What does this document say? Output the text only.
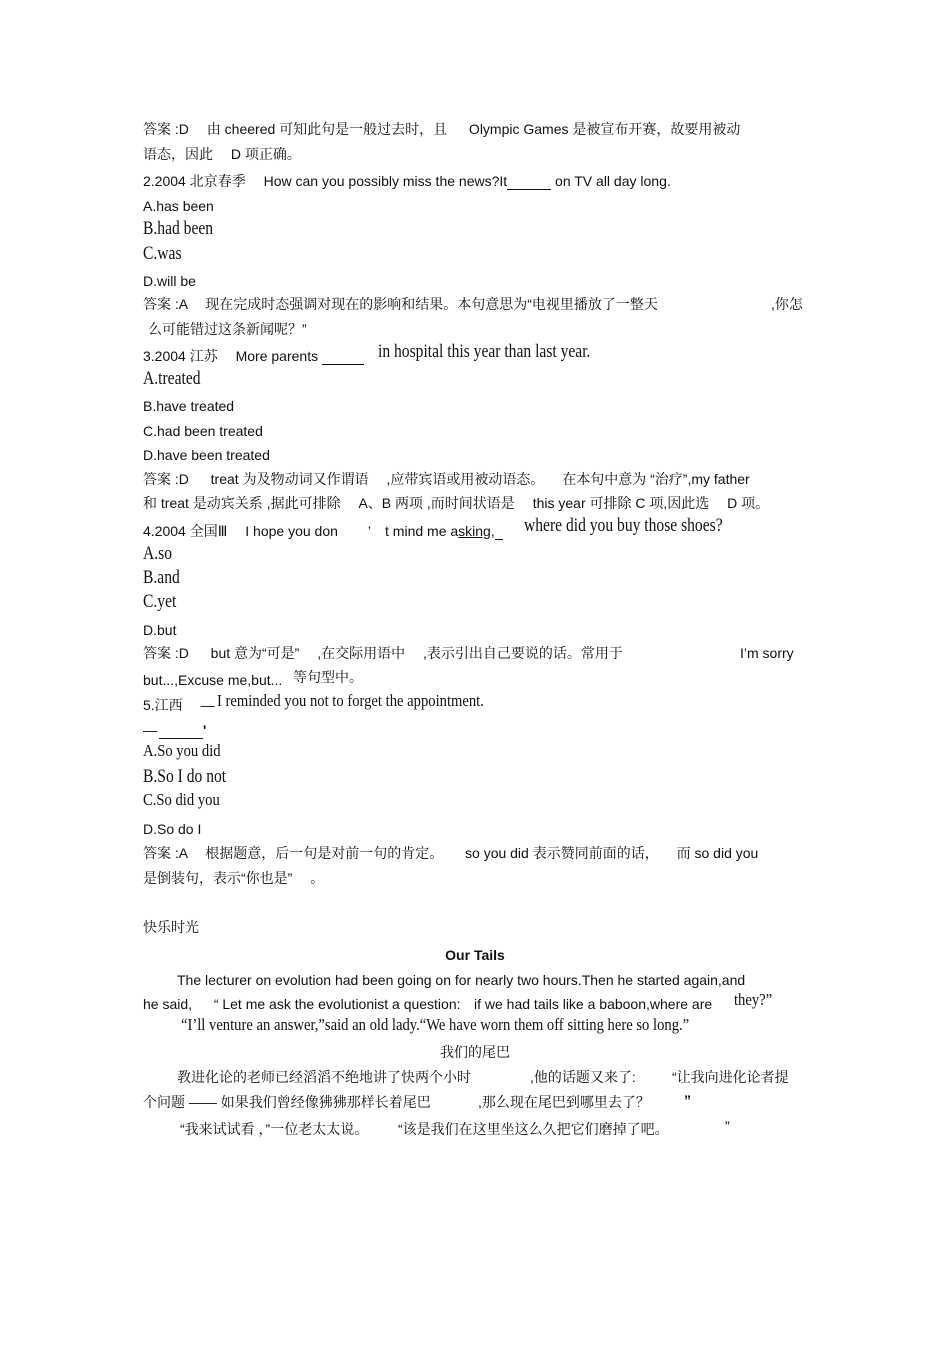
答案 :D 　由 cheered 可知此句是一般过去时，且 　 Olympic Games 是被宣布开赛，故要用被动
语态，因此 　D 项正确。
2.2004 北京春季 　How can you possibly miss the news?It	on TV all day long.
A.has been
B.had been
C.was
D.will be
答案 :A 　现在完成时态强调对现在的影响和结果。本句意思为“电视里播放了一整天	,你怎
么可能错过这条新闻呢？”
3.2004 江苏 　More parents	in hospital this year than last year.
A.treated
B.have treated
C.had been treated
D.have been treated
答案 :D 　 treat 为及物动词又作谓语 　,应带宾语或用被动语态。 　在本句中意为 “治疗”,my father
和 treat 是动宾关系 ,据此可排除 　A、B 两项 ,而时间状语是 　this year 可排除 C 项,因此选 　D 项。
4.2004 全国Ⅲ 　I hope you don ’ t mind me asking,	where did you buy those shoes?
A.so
B.and
C.yet
D.but
答案 :D 　 but 意为“可是” 　,在交际用语中 　,表示引出自己要说的话。常用于	I’m sorry
but...,Excuse me,but... 等句型中。
5.江西 　— I reminded you not to forget the appointment.
—	'
A.So you did
B.So I do not
C.So did you
D.So do I
答案 :A 　根据题意，后一句是对前一句的肯定。 　 so you did 表示赞同前面的话， 　而 so did you
是倒装句，表示“你也是” 　。
快乐时光
Our Tails
The lecturer on evolution had been going on for nearly two hours.Then he started again,and
he said, 　 “ Let me ask the evolutionist a question: if we had tails like a baboon,where are they?”
“I’ll venture an answer,”said an old lady.“We have worn them off sitting here so long.”
我们的尾巴
教进化论的老师已经滔滔不绝地讲了快两个小时	,他的话题又来了:	“让我向进化论者提
个问题 —— 如果我们曾经像狒狒那样长着尾巴	,那么现在尾巴到哪里去了？ ”
“我来试试看 ，”一位老太太说。 “该是我们在这里坐这么久把它们磨掉了吧。	”
